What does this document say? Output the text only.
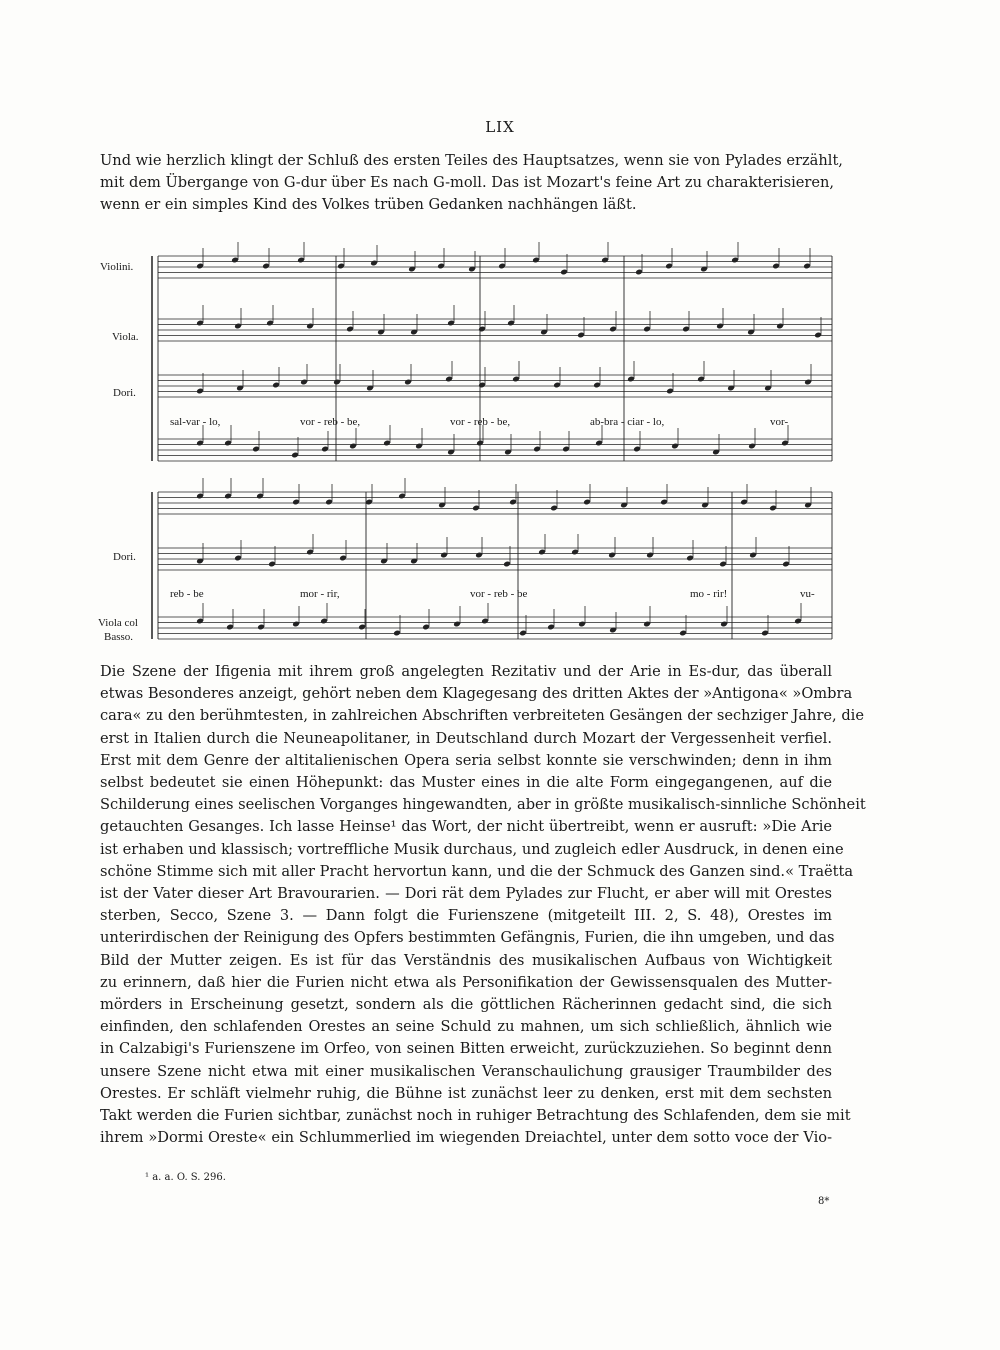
LIX
Und wie herzlich klingt der Schluß des ersten Teiles des Hauptsatzes, wenn sie von Pylades erzählt,
mit dem Übergange von G-dur über Es nach G-moll. Das ist Mozart's feine Art zu charakterisieren,
wenn er ein simples Kind des Volkes trüben Gedanken nachhängen läßt.
Violini.
Viola.
Dori.
sal-var - lo,	vor - reb - be,	vor - reb - be,	ab-bra - ciar - lo,	vor-
Dori.
Viola col
Basso.
reb - be	mor - rir,	vor - reb - be	mo - rir!	vu-
Die Szene der Ifigenia mit ihrem groß angelegten Rezitativ und der Arie in Es-dur, das überall
etwas Besonderes anzeigt, gehört neben dem Klagegesang des dritten Aktes der »Antigona« »Ombra
cara« zu den berühmtesten, in zahlreichen Abschriften verbreiteten Gesängen der sechziger Jahre, die
erst in Italien durch die Neuneapolitaner, in Deutschland durch Mozart der Vergessenheit verfiel.
Erst mit dem Genre der altitalienischen Opera seria selbst konnte sie verschwinden; denn in ihm
selbst bedeutet sie einen Höhepunkt: das Muster eines in die alte Form eingegangenen, auf die
Schilderung eines seelischen Vorganges hingewandten, aber in größte musikalisch-sinnliche Schönheit
getauchten Gesanges. Ich lasse Heinse¹ das Wort, der nicht übertreibt, wenn er ausruft: »Die Arie
ist erhaben und klassisch; vortreffliche Musik durchaus, und zugleich edler Ausdruck, in denen eine
schöne Stimme sich mit aller Pracht hervortun kann, und die der Schmuck des Ganzen sind.« Traëtta
ist der Vater dieser Art Bravourarien. — Dori rät dem Pylades zur Flucht, er aber will mit Orestes
sterben, Secco, Szene 3. — Dann folgt die Furienszene (mitgeteilt III. 2, S. 48), Orestes im
unterirdischen der Reinigung des Opfers bestimmten Gefängnis, Furien, die ihn umgeben, und das
Bild der Mutter zeigen. Es ist für das Verständnis des musikalischen Aufbaus von Wichtigkeit
zu erinnern, daß hier die Furien nicht etwa als Personifikation der Gewissensqualen des Mutter-
mörders in Erscheinung gesetzt, sondern als die göttlichen Rächerinnen gedacht sind, die sich
einfinden, den schlafenden Orestes an seine Schuld zu mahnen, um sich schließlich, ähnlich wie
in Calzabigi's Furienszene im Orfeo, von seinen Bitten erweicht, zurückzuziehen. So beginnt denn
unsere Szene nicht etwa mit einer musikalischen Veranschaulichung grausiger Traumbilder des
Orestes. Er schläft vielmehr ruhig, die Bühne ist zunächst leer zu denken, erst mit dem sechsten
Takt werden die Furien sichtbar, zunächst noch in ruhiger Betrachtung des Schlafenden, dem sie mit
ihrem »Dormi Oreste« ein Schlummerlied im wiegenden Dreiachtel, unter dem sotto voce der Vio-
¹ a. a. O. S. 296.
8*
